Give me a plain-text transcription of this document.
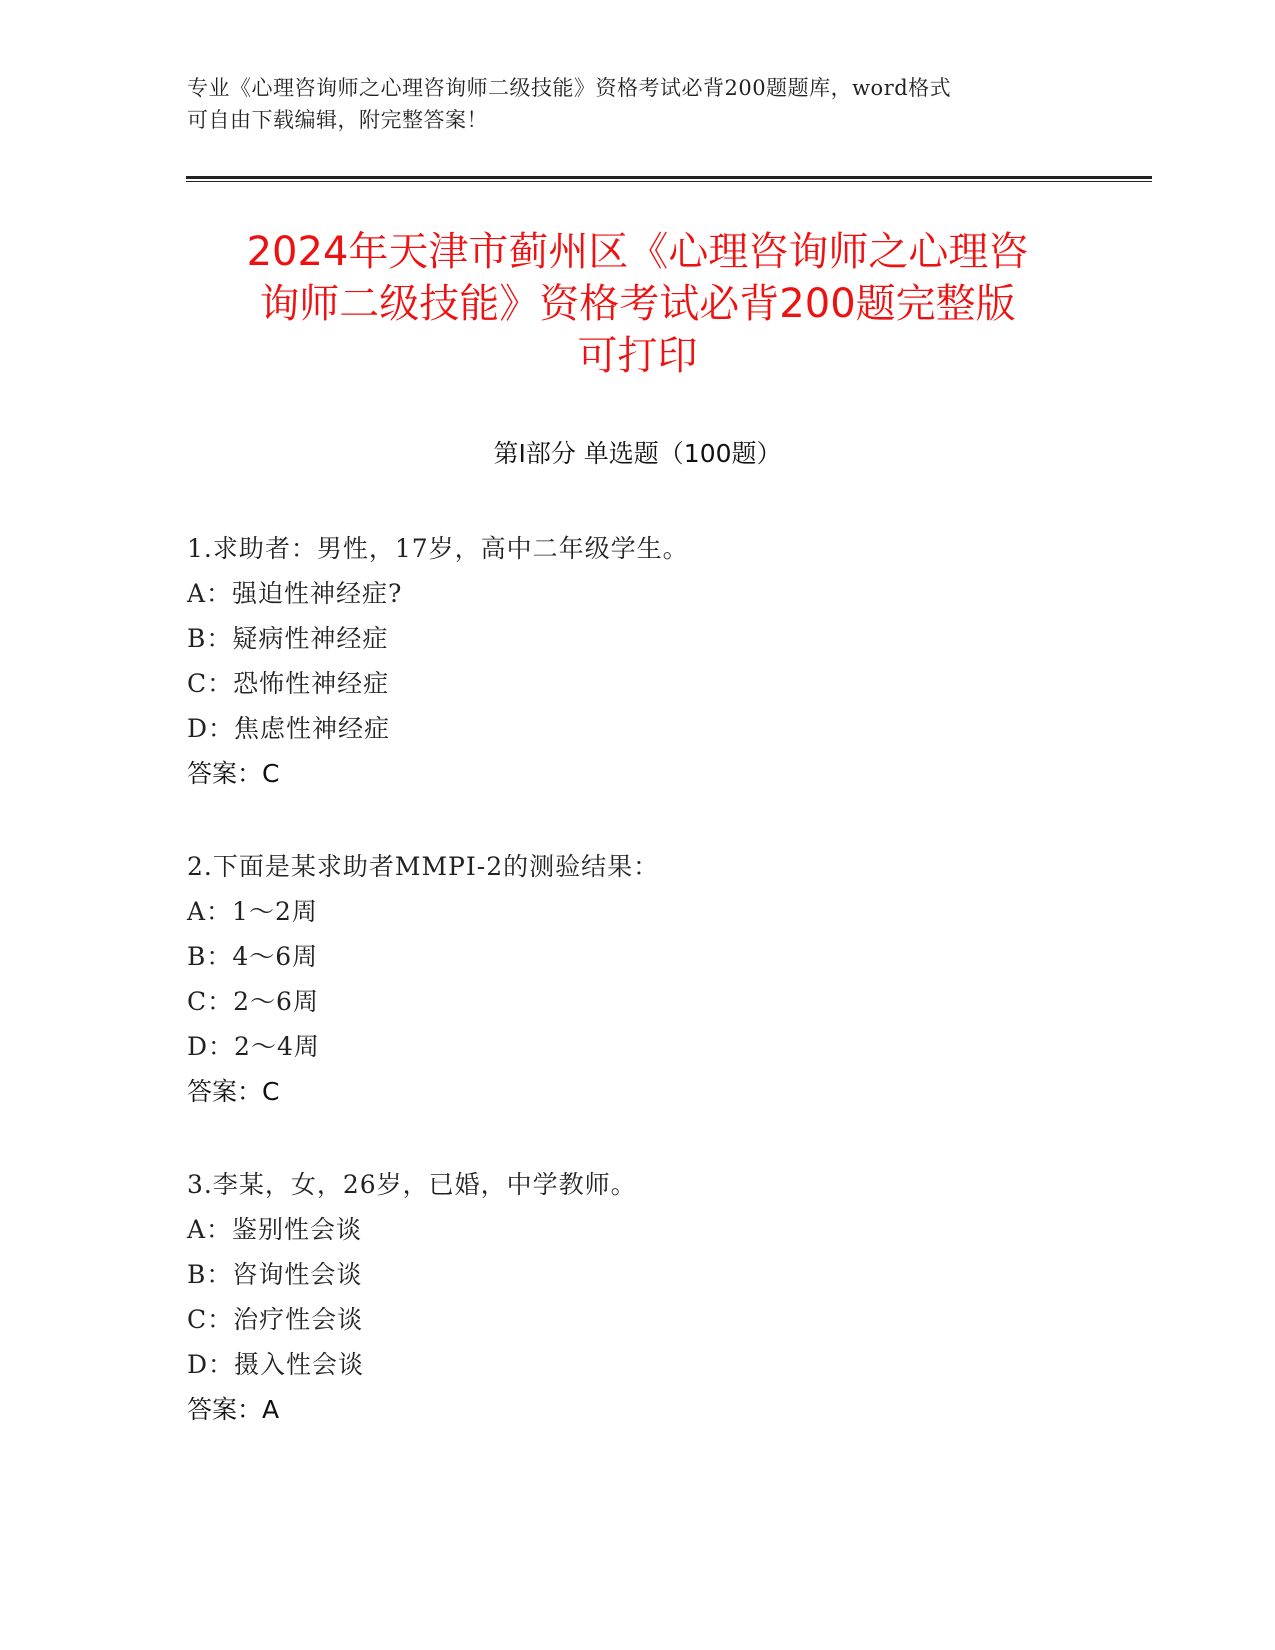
专业《心理咨询师之心理咨询师二级技能》资格考试必背200题题库，word格式
可自由下载编辑，附完整答案！
2024年天津市蓟州区《心理咨询师之心理咨
询师二级技能》资格考试必背200题完整版
可打印
第Ⅰ部分 单选题（100题）
1.求助者：男性，17岁，高中二年级学生。
A：强迫性神经症?
B：疑病性神经症
C：恐怖性神经症
D：焦虑性神经症
答案：C
2.下面是某求助者MMPI-2的测验结果：
A：1～2周
B：4～6周
C：2～6周
D：2～4周
答案：C
3.李某，女，26岁，已婚，中学教师。
A：鉴别性会谈
B：咨询性会谈
C：治疗性会谈
D：摄入性会谈
答案：A
